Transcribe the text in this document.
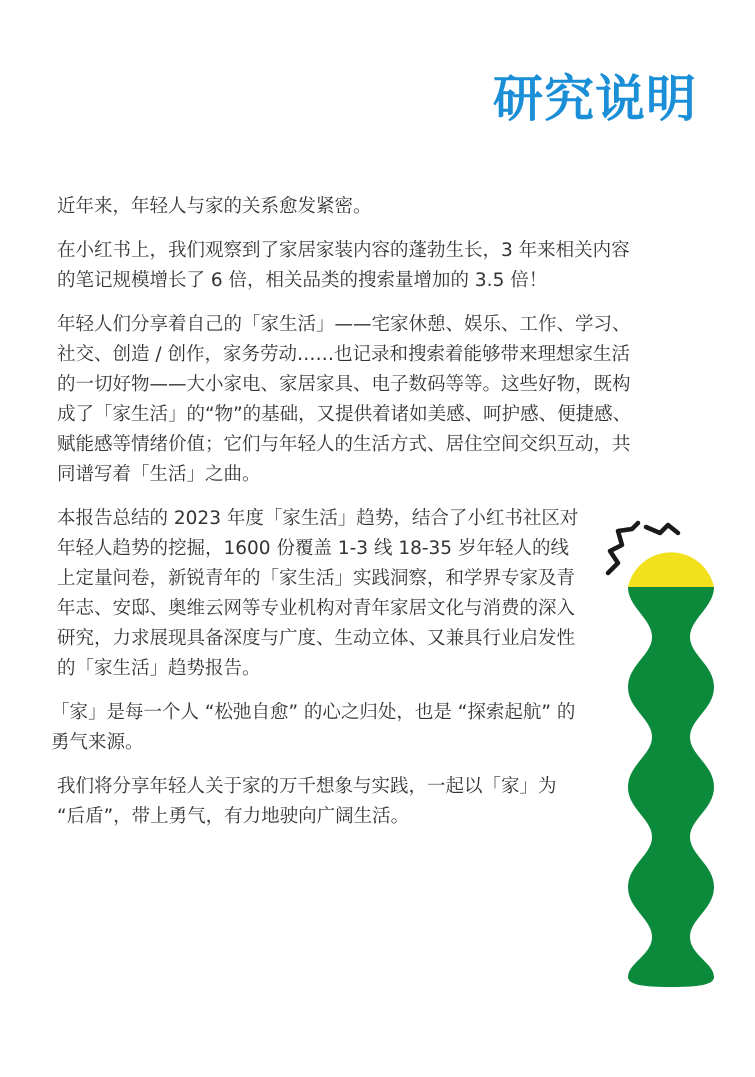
研究说明

近年来，年轻人与家的关系愈发紧密。

在小红书上，我们观察到了家居家装内容的蓬勃生长，3 年来相关内容的笔记规模增长了 6 倍，相关品类的搜索量增加的 3.5 倍！

年轻人们分享着自己的「家生活」——宅家休憩、娱乐、工作、学习、社交、创造 / 创作，家务劳动……也记录和搜索着能够带来理想家生活的一切好物——大小家电、家居家具、电子数码等等。这些好物，既构成了「家生活」的“物”的基础，又提供着诸如美感、呵护感、便捷感、赋能感等情绪价值；它们与年轻人的生活方式、居住空间交织互动，共同谱写着「生活」之曲。

本报告总结的 2023 年度「家生活」趋势，结合了小红书社区对年轻人趋势的挖掘，1600 份覆盖 1-3 线 18-35 岁年轻人的线上定量问卷，新锐青年的「家生活」实践洞察，和学界专家及青年志、安邸、奥维云网等专业机构对青年家居文化与消费的深入研究，力求展现具备深度与广度、生动立体、又兼具行业启发性的「家生活」趋势报告。

「家」是每一个人 “松弛自愈” 的心之归处，也是 “探索起航” 的勇气来源。

我们将分享年轻人关于家的万千想象与实践，一起以「家」为 “后盾”，带上勇气，有力地驶向广阔生活。
